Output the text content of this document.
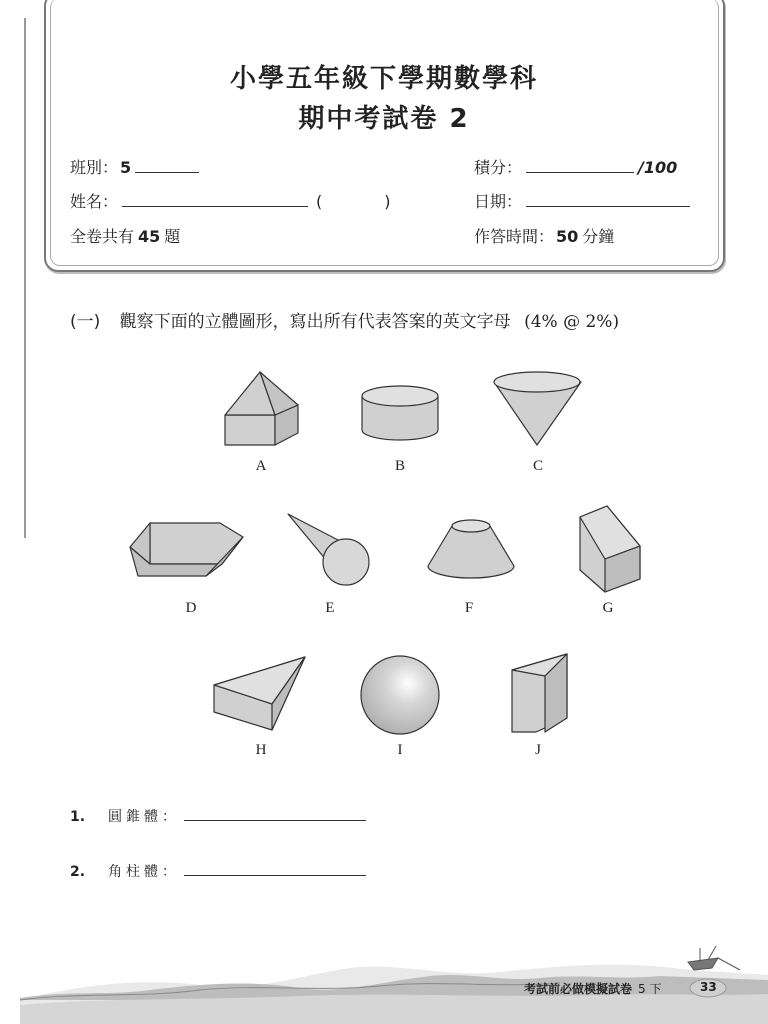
小學五年級下學期數學科
期中考試卷 2
班別： 5	積分：	/100
姓名：	(	)	日期：
全卷共有 45 題	作答時間： 50 分鐘
(一) 觀察下面的立體圖形，寫出所有代表答案的英文字母 (4% @ 2%)
A	B	C
D	E	F	G
H	I	J
1.	圓錐體：
2.	角柱體：
考試前必做模擬試卷 5 下	33
